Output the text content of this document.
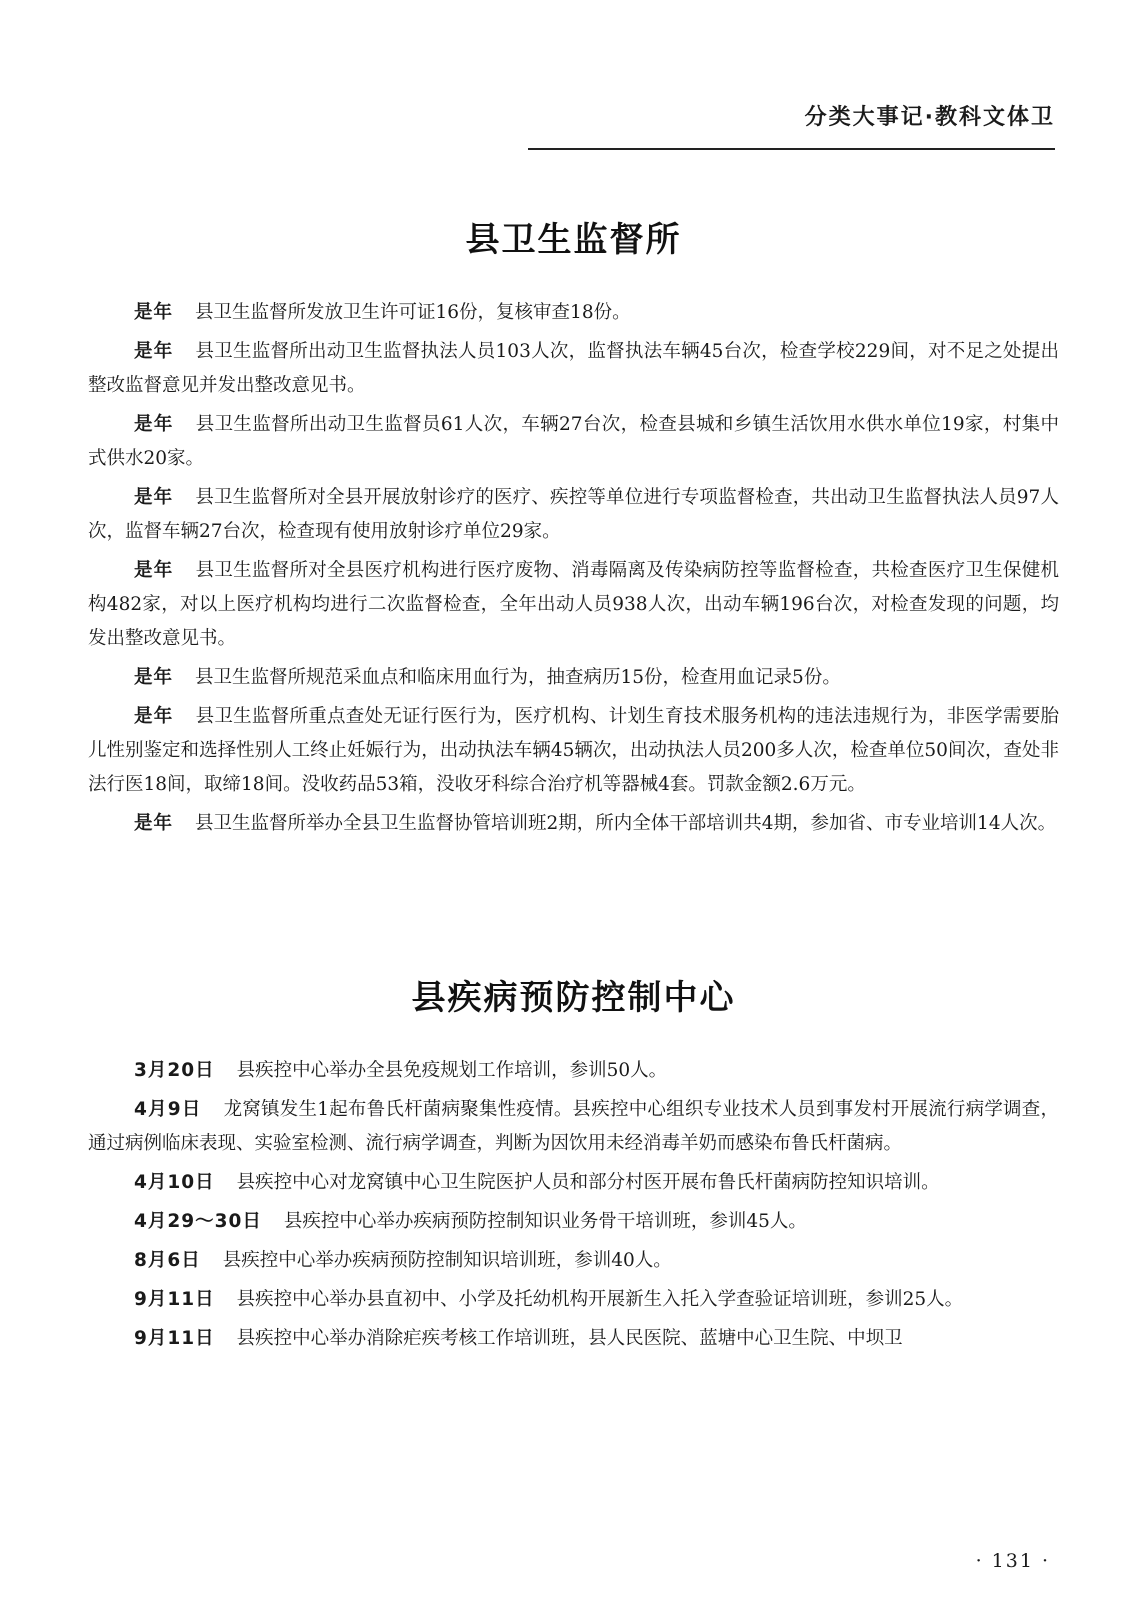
分类大事记·教科文体卫
县卫生监督所

是年 县卫生监督所发放卫生许可证16份，复核审查18份。

是年 县卫生监督所出动卫生监督执法人员103人次，监督执法车辆45台次，检查学校229间，对不足之处提出整改监督意见并发出整改意见书。

是年 县卫生监督所出动卫生监督员61人次，车辆27台次，检查县城和乡镇生活饮用水供水单位19家，村集中式供水20家。

是年 县卫生监督所对全县开展放射诊疗的医疗、疾控等单位进行专项监督检查，共出动卫生监督执法人员97人次，监督车辆27台次，检查现有使用放射诊疗单位29家。

是年 县卫生监督所对全县医疗机构进行医疗废物、消毒隔离及传染病防控等监督检查，共检查医疗卫生保健机构482家，对以上医疗机构均进行二次监督检查，全年出动人员938人次，出动车辆196台次，对检查发现的问题，均发出整改意见书。

是年 县卫生监督所规范采血点和临床用血行为，抽查病历15份，检查用血记录5份。

是年 县卫生监督所重点查处无证行医行为，医疗机构、计划生育技术服务机构的违法违规行为，非医学需要胎儿性别鉴定和选择性别人工终止妊娠行为，出动执法车辆45辆次，出动执法人员200多人次，检查单位50间次，查处非法行医18间，取缔18间。没收药品53箱，没收牙科综合治疗机等器械4套。罚款金额2.6万元。

是年 县卫生监督所举办全县卫生监督协管培训班2期，所内全体干部培训共4期，参加省、市专业培训14人次。

县疾病预防控制中心

3月20日 县疾控中心举办全县免疫规划工作培训，参训50人。

4月9日 龙窝镇发生1起布鲁氏杆菌病聚集性疫情。县疾控中心组织专业技术人员到事发村开展流行病学调查，通过病例临床表现、实验室检测、流行病学调查，判断为因饮用未经消毒羊奶而感染布鲁氏杆菌病。

4月10日 县疾控中心对龙窝镇中心卫生院医护人员和部分村医开展布鲁氏杆菌病防控知识培训。

4月29～30日 县疾控中心举办疾病预防控制知识业务骨干培训班，参训45人。

8月6日 县疾控中心举办疾病预防控制知识培训班，参训40人。

9月11日 县疾控中心举办县直初中、小学及托幼机构开展新生入托入学查验证培训班，参训25人。

9月11日 县疾控中心举办消除疟疾考核工作培训班，县人民医院、蓝塘中心卫生院、中坝卫

· 131 ·
